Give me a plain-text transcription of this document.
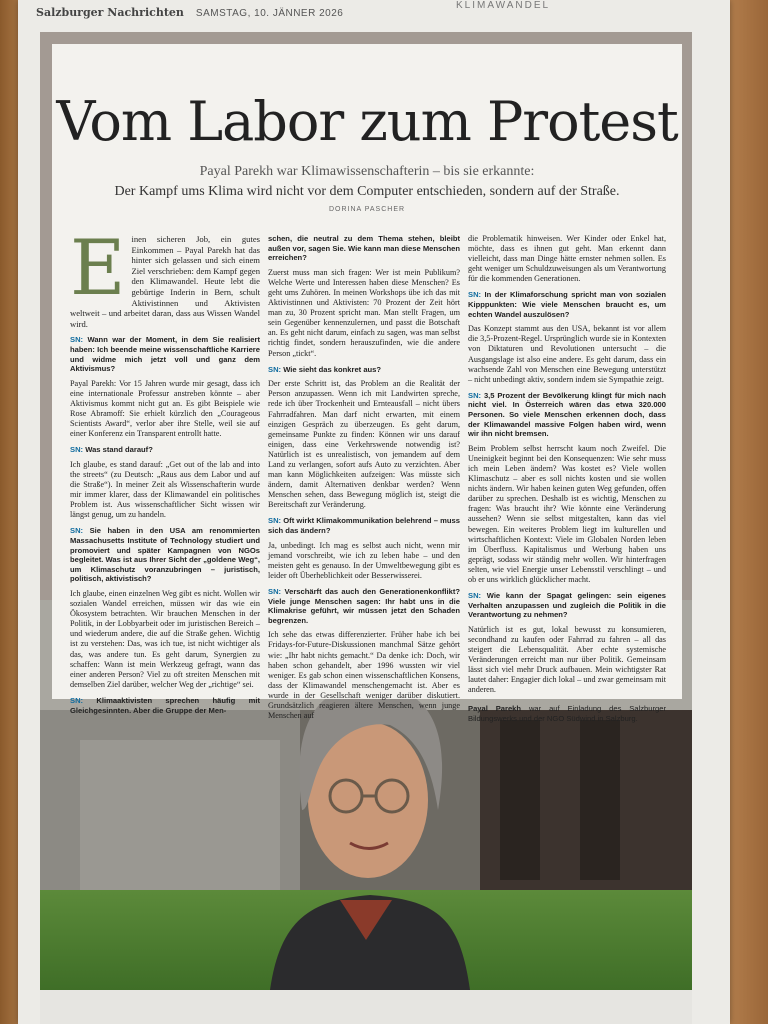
Salzburger Nachrichten SAMSTAG, 10. JÄNNER 2026
KLIMAWANDEL
Vom Labor zum Protest
Payal Parekh war Klimawissenschafterin – bis sie erkannte:
Der Kampf ums Klima wird nicht vor dem Computer entschieden, sondern auf der Straße.
DORINA PASCHER

Einen sicheren Job, ein gutes Einkommen – Payal Parekh hat das hinter sich gelassen und sich einem Ziel verschrieben: dem Kampf gegen den Klimawandel. Heute lebt die gebürtige Inderin in Bern, schult Aktivistinnen und Aktivisten weltweit – und arbeitet daran, dass aus Wissen Wandel wird.

SN: Wann war der Moment, in dem Sie realisiert haben: Ich beende meine wissenschaftliche Karriere und widme mich jetzt voll und ganz dem Aktivismus?

Payal Parekh: Vor 15 Jahren wurde mir gesagt, dass ich eine internationale Professur anstreben könnte – aber Aktivismus kommt nicht gut an. Es gibt Beispiele wie Rose Abramoff: Sie erhielt kürzlich den „Courageous Scientists Award“, verlor aber ihre Stelle, weil sie auf einer Konferenz ein Transparent entrollt hatte.

SN: Was stand darauf?

Ich glaube, es stand darauf: „Get out of the lab and into the streets“ (zu Deutsch: „Raus aus dem Labor und auf die Straße“). In meiner Zeit als Wissenschafterin wurde mir immer klarer, dass der Klimawandel ein politisches Problem ist. Aus wissenschaftlicher Sicht wissen wir längst genug, um zu handeln.

SN: Sie haben in den USA am renommierten Massachusetts Institute of Technology studiert und promoviert und später Kampagnen von NGOs begleitet. Was ist aus Ihrer Sicht der „goldene Weg“, um Klimaschutz voranzubringen – juristisch, politisch, aktivistisch?

Ich glaube, einen einzelnen Weg gibt es nicht. Wollen wir sozialen Wandel erreichen, müssen wir das wie ein Ökosystem betrachten. Wir brauchen Menschen in der Politik, in der Lobbyarbeit oder im juristischen Bereich – und wiederum andere, die auf die Straße gehen. Wichtig ist zu verstehen: Das, was ich tue, ist nicht wichtiger als das, was andere tun. Es geht darum, Synergien zu schaffen: Wann ist mein Werkzeug gefragt, wann das einer anderen Person? Viel zu oft streiten Menschen mit demselben Ziel darüber, welcher Weg der „richtige“ sei.

SN: Klimaaktivisten sprechen häufig mit Gleichgesinnten. Aber die Gruppe der Men-

schen, die neutral zu dem Thema stehen, bleibt außen vor, sagen Sie. Wie kann man diese Menschen erreichen?

Zuerst muss man sich fragen: Wer ist mein Publikum? Welche Werte und Interessen haben diese Menschen? Es geht ums Zuhören. In meinen Workshops übe ich das mit Aktivistinnen und Aktivisten: 70 Prozent der Zeit hört man zu, 30 Prozent spricht man. Man stellt Fragen, um sein Gegenüber kennenzulernen, und passt die Botschaft an. Es geht nicht darum, einfach zu sagen, was man selbst richtig findet, sondern herauszufinden, wie die andere Person „tickt“.

SN: Wie sieht das konkret aus?

Der erste Schritt ist, das Problem an die Realität der Person anzupassen. Wenn ich mit Landwirten spreche, rede ich über Trockenheit und Ernteausfall – nicht übers Fahrradfahren. Man darf nicht erwarten, mit einem einzigen Gespräch zu überzeugen. Es geht darum, gemeinsame Punkte zu finden: Können wir uns darauf einigen, dass eine Verkehrswende notwendig ist? Natürlich ist es unrealistisch, von jemandem auf dem Land zu verlangen, sofort aufs Auto zu verzichten. Aber man kann Möglichkeiten aufzeigen: Was müsste sich ändern, damit Alternativen denkbar werden? Wenn Menschen sehen, dass Bewegung möglich ist, steigt die Bereitschaft zur Veränderung.

SN: Oft wirkt Klimakommunikation belehrend – muss sich das ändern?

Ja, unbedingt. Ich mag es selbst auch nicht, wenn mir jemand vorschreibt, wie ich zu leben habe – und den meisten geht es genauso. In der Umweltbewegung gibt es leider oft Überheblichkeit oder Besserwisserei.

SN: Verschärft das auch den Generationenkonflikt? Viele junge Menschen sagen: Ihr habt uns in die Klimakrise geführt, wir müssen jetzt den Schaden begrenzen.

Ich sehe das etwas differenzierter. Früher habe ich bei Fridays-for-Future-Diskussionen manchmal Sätze gehört wie: „Ihr habt nichts gemacht.“ Da denke ich: Doch, wir haben schon gehandelt, aber 1996 wussten wir viel weniger. Es gab schon einen wissenschaftlichen Konsens, dass der Klimawandel menschengemacht ist. Aber es wurde in der Gesellschaft weniger darüber diskutiert. Grundsätzlich reagieren ältere Menschen, wenn junge Menschen auf

die Problematik hinweisen. Wer Kinder oder Enkel hat, möchte, dass es ihnen gut geht. Man erkennt dann vielleicht, dass man Dinge hätte ernster nehmen sollen. Es geht weniger um Schuldzuweisungen als um Verantwortung für die kommenden Generationen.

SN: In der Klimaforschung spricht man von sozialen Kipppunkten: Wie viele Menschen braucht es, um echten Wandel auszulösen?

Das Konzept stammt aus den USA, bekannt ist vor allem die 3,5-Prozent-Regel. Ursprünglich wurde sie in Kontexten von Diktaturen und Revolutionen untersucht – die Ausgangslage ist also eine andere. Es geht darum, dass ein wachsende Zahl von Menschen eine Bewegung unterstützt – nicht unbedingt aktiv, sondern indem sie Sympathie zeigt.

SN: 3,5 Prozent der Bevölkerung klingt für mich nach nicht viel. In Österreich wären das etwa 320.000 Personen. So viele Menschen erkennen doch, dass der Klimawandel massive Folgen haben wird, wenn wir ihn nicht bremsen.

Beim Problem selbst herrscht kaum noch Zweifel. Die Uneinigkeit beginnt bei den Konsequenzen: Wie sehr muss ich mein Leben ändern? Was kostet es? Viele wollen Klimaschutz – aber es soll nichts kosten und sie wollen nichts ändern. Wir haben keinen guten Weg gefunden, offen darüber zu sprechen. Deshalb ist es wichtig, Menschen zu fragen: Was braucht ihr? Wie könnte eine Veränderung aussehen? Wenn sie selbst mitgestalten, kann das viel bewegen. Ein weiteres Problem liegt im kulturellen und wirtschaftlichen Kontext: Viele im Globalen Norden leben im Überfluss. Kapitalismus und Werbung haben uns geprägt, sodass wir ständig mehr wollen. Wir hinterfragen selten, wie viel Energie unser Lebensstil verschlingt – und ob er uns wirklich glücklicher macht.

SN: Wie kann der Spagat gelingen: sein eigenes Verhalten anzupassen und zugleich die Politik in die Verantwortung zu nehmen?

Natürlich ist es gut, lokal bewusst zu konsumieren, secondhand zu kaufen oder Fahrrad zu fahren – all das steigert die Lebensqualität. Aber echte systemische Veränderungen erreicht man nur über Politik. Gemeinsam lässt sich viel mehr Druck aufbauen. Mein wichtigster Rat lautet daher: Engagier dich lokal – und zwar gemeinsam mit anderen.

Payal Parekh war auf Einladung des Salzburger Bildungswerks und der NGO Südwind in Salzburg.
